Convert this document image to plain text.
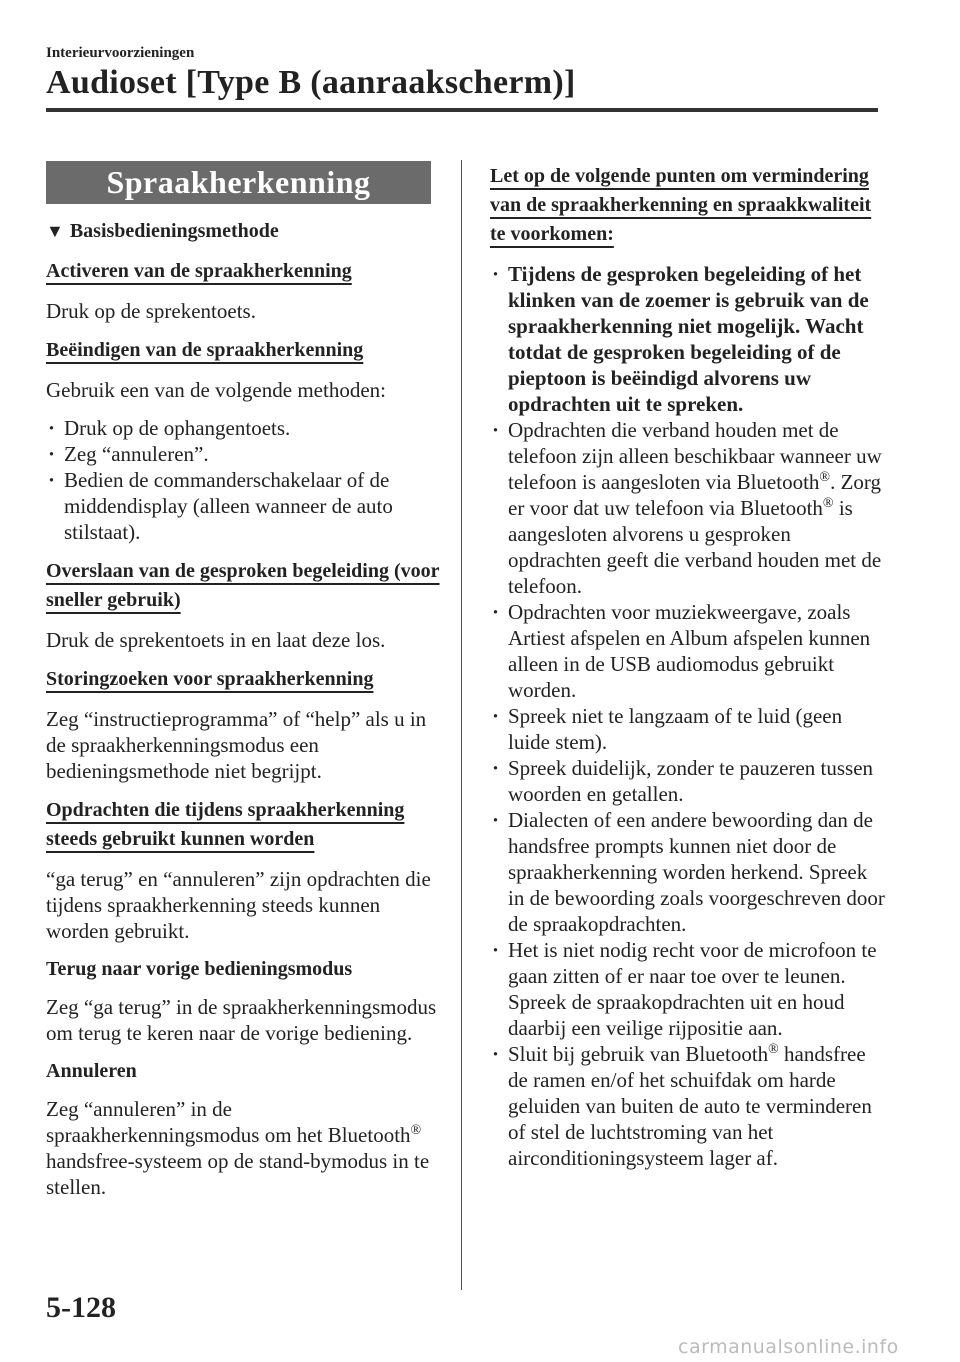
Interieurvoorzieningen
Audioset [Type B (aanraakscherm)]
Spraakherkenning
▼ Basisbedieningsmethode
Activeren van de spraakherkenning

Druk op de sprekentoets.

Beëindigen van de spraakherkenning

Gebruik een van de volgende methoden:

· Druk op de ophangentoets.
· Zeg “annuleren”.
· Bedien de commanderschakelaar of de middendisplay (alleen wanneer de auto stilstaat).
Overslaan van de gesproken begeleiding (voor sneller gebruik)

Druk de sprekentoets in en laat deze los.

Storingzoeken voor spraakherkenning

Zeg “instructieprogramma” of “help” als u in de spraakherkenningsmodus een bedieningsmethode niet begrijpt.

Opdrachten die tijdens spraakherkenning steeds gebruikt kunnen worden

“ga terug” en “annuleren” zijn opdrachten die tijdens spraakherkenning steeds kunnen worden gebruikt.

Terug naar vorige bedieningsmodus

Zeg “ga terug” in de spraakherkenningsmodus om terug te keren naar de vorige bediening.

Annuleren

Zeg “annuleren” in de spraakherkenningsmodus om het Bluetooth® handsfree-systeem op de stand-bymodus in te stellen.

Let op de volgende punten om vermindering van de spraakherkenning en spraakkwaliteit te voorkomen:
· Tijdens de gesproken begeleiding of het klinken van de zoemer is gebruik van de spraakherkenning niet mogelijk. Wacht totdat de gesproken begeleiding of de pieptoon is beëindigd alvorens uw opdrachten uit te spreken.
· Opdrachten die verband houden met de telefoon zijn alleen beschikbaar wanneer uw telefoon is aangesloten via Bluetooth®. Zorg er voor dat uw telefoon via Bluetooth® is aangesloten alvorens u gesproken opdrachten geeft die verband houden met de telefoon.
· Opdrachten voor muziekweergave, zoals Artiest afspelen en Album afspelen kunnen alleen in de USB audiomodus gebruikt worden.
· Spreek niet te langzaam of te luid (geen luide stem).
· Spreek duidelijk, zonder te pauzeren tussen woorden en getallen.
· Dialecten of een andere bewoording dan de handsfree prompts kunnen niet door de spraakherkenning worden herkend. Spreek in de bewoording zoals voorgeschreven door de spraakopdrachten.
· Het is niet nodig recht voor de microfoon te gaan zitten of er naar toe over te leunen. Spreek de spraakopdrachten uit en houd daarbij een veilige rijpositie aan.
· Sluit bij gebruik van Bluetooth® handsfree de ramen en/of het schuifdak om harde geluiden van buiten de auto te verminderen of stel de luchtstroming van het airconditioningsysteem lager af.
5-128
carmanualsonline.info
